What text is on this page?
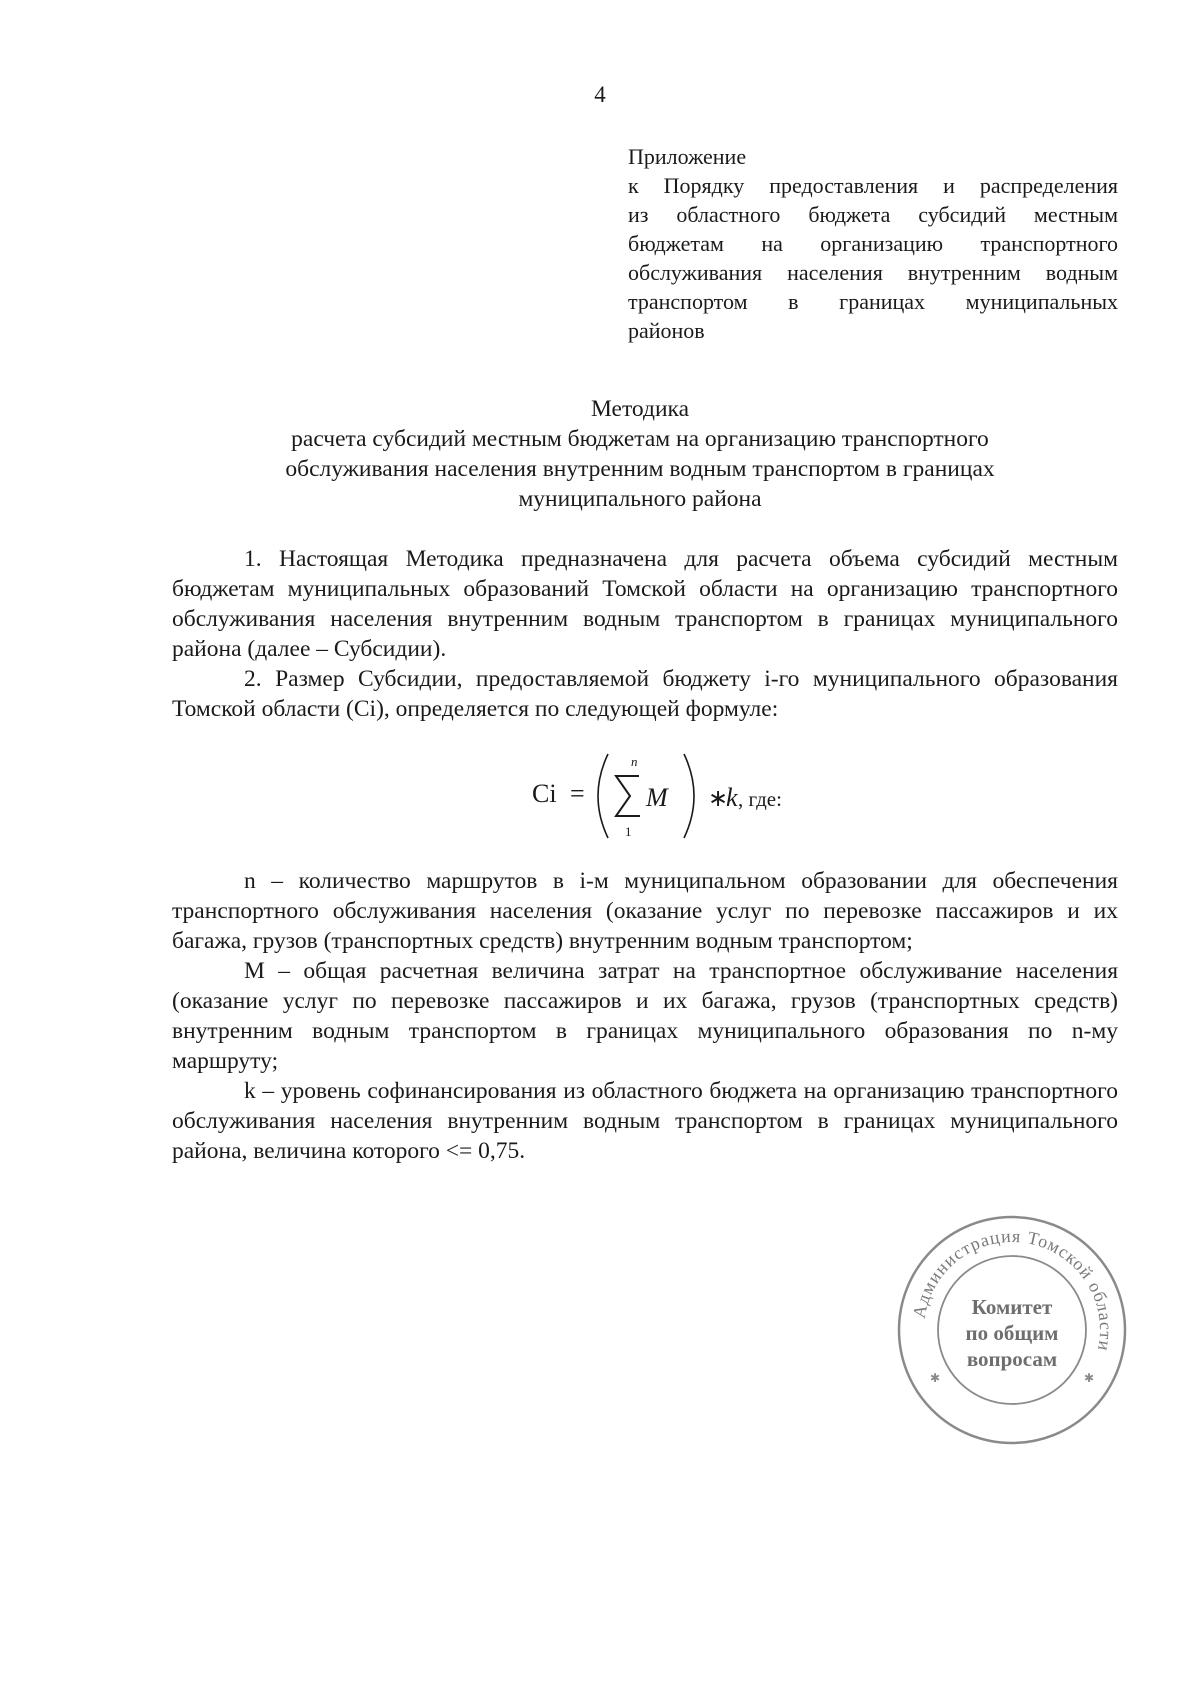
4
Приложение
к Порядку предоставления и распределения
из областного бюджета субсидий местным
бюджетам на организацию транспортного
обслуживания населения внутренним водным
транспортом в границах муниципальных
районов
Методика
расчета субсидий местным бюджетам на организацию транспортного
обслуживания населения внутренним водным транспортом в границах
муниципального района

1. Настоящая Методика предназначена для расчета объема субсидий местным бюджетам муниципальных образований Томской области на организацию транспортного обслуживания населения внутренним водным транспортом в границах муниципального района (далее – Субсидии).

2. Размер Субсидии, предоставляемой бюджету i-го муниципального образования Томской области (Ci), определяется по следующей формуле:

Ci =
n
1
M ∗
k , где:

n – количество маршрутов в i-м муниципальном образовании для обеспечения транспортного обслуживания населения (оказание услуг по перевозке пассажиров и их багажа, грузов (транспортных средств) внутренним водным транспортом;

M – общая расчетная величина затрат на транспортное обслуживание населения (оказание услуг по перевозке пассажиров и их багажа, грузов (транспортных средств) внутренним водным транспортом в границах муниципального образования по n-му маршруту;

k – уровень софинансирования из областного бюджета на организацию транспортного обслуживания населения внутренним водным транспортом в границах муниципального района, величина которого <= 0,75.

Администрация Томской области
Комитет
по общим
вопросам
✱	✱
